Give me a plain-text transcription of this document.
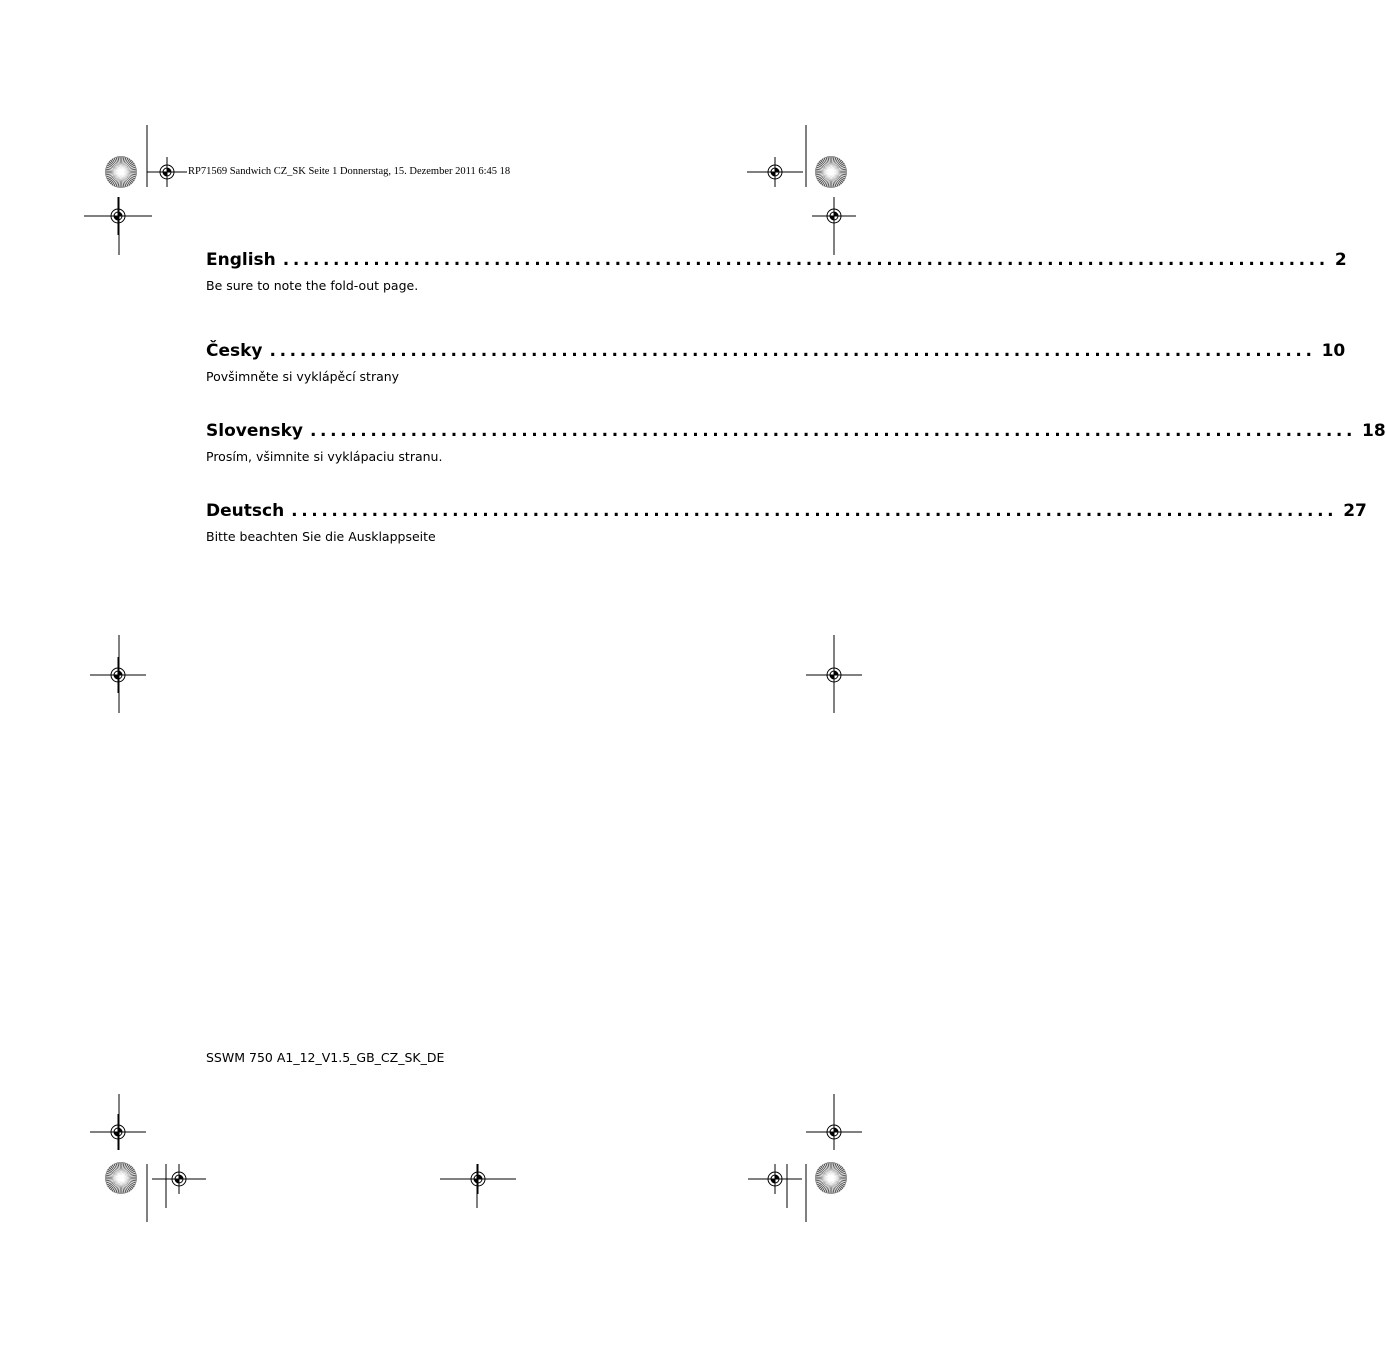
RP71569 Sandwich CZ_SK Seite 1 Donnerstag, 15. Dezember 2011 6:45 18
English ........................................................................................................ 2
Be sure to note the fold-out page.
Česky ........................................................................................................ 10
Povšimněte si vyklápěcí strany
Slovensky ........................................................................................................ 18
Prosím, všimnite si vyklápaciu stranu.
Deutsch ........................................................................................................ 27
Bitte beachten Sie die Ausklappseite
SSWM 750 A1_12_V1.5_GB_CZ_SK_DE
